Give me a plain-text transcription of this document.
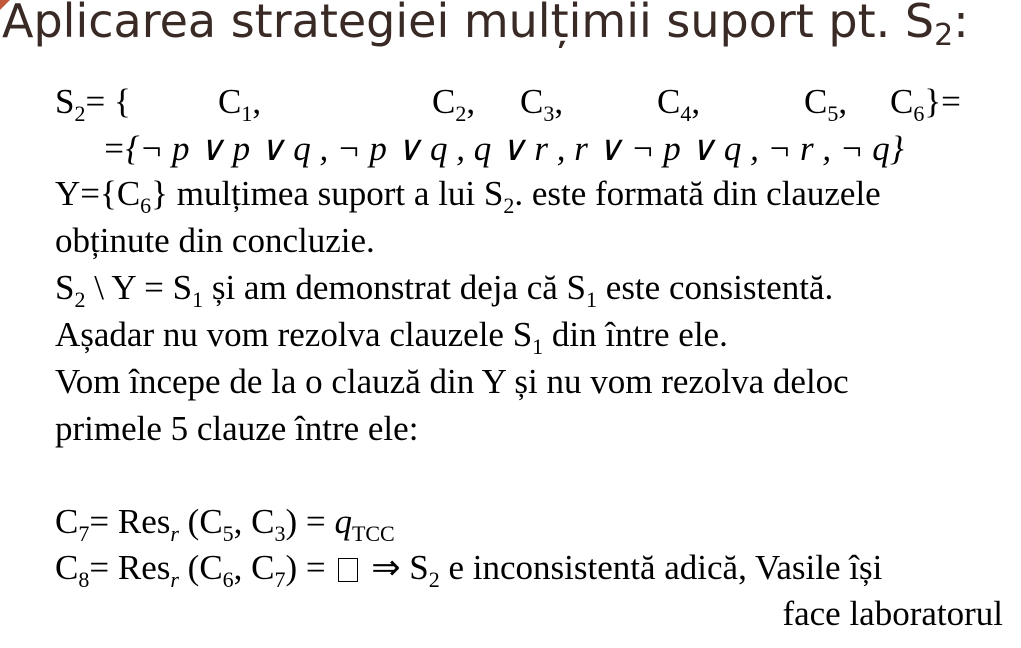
Aplicarea strategiei mulțimii suport pt. $S_2$:
$S_2=$ { $C_1$,	$C_2$, $C_3$,	$C_4$,	$C_5$, $C_6\}=$
={¬ p ∨ p ∨ q , ¬ p ∨ q , q ∨ r , r ∨ ¬ p ∨ q , ¬ r , ¬ q}
$Y=\{C_6\}$ mulțimea suport a lui $S_2$. este formată din clauzele
obținute din concluzie.
$S_2$ \ $Y = S_1$ și am demonstrat deja că $S_1$ este consistentă.
Așadar nu vom rezolva clauzele $S_1$ din între ele.
Vom începe de la o clauză din Y și nu vom rezolva deloc
primele 5 clauze între ele:
$C_7= Res_r$ ($C_5$, $C_3) = q_{TCC}$
$C_8= Res_r$ ($C_6$, $C_7$) =  ⇒ $S_2$ e inconsistentă adică, Vasile își
face laboratorul
